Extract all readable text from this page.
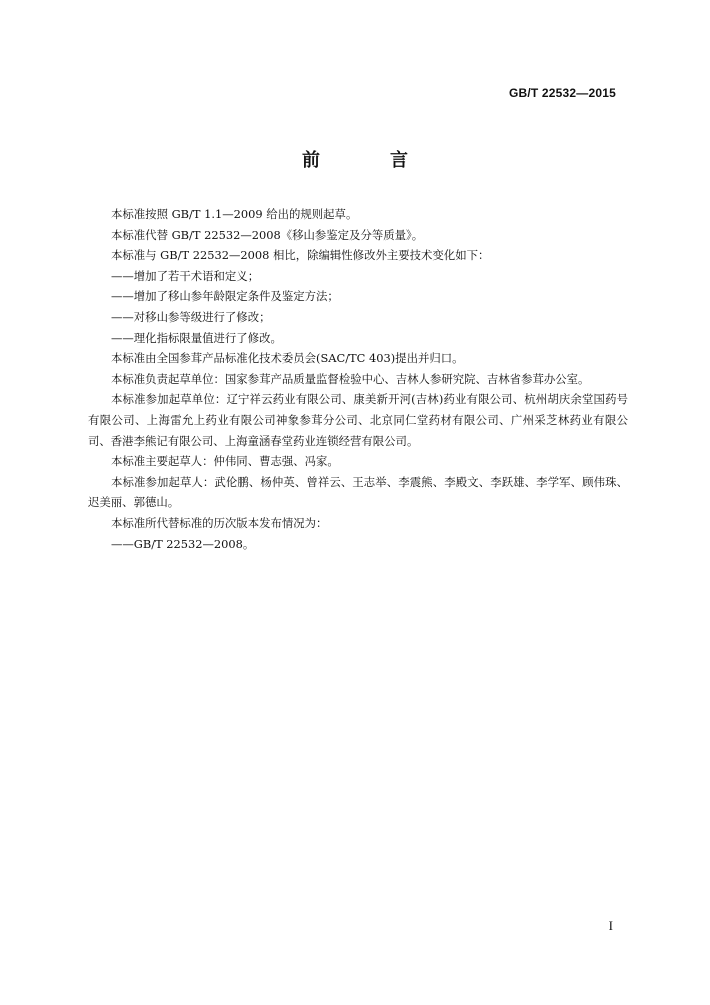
GB/T 22532—2015
前　言

本标准按照 GB/T 1.1—2009 给出的规则起草。

本标准代替 GB/T 22532—2008《移山参鉴定及分等质量》。

本标准与 GB/T 22532—2008 相比，除编辑性修改外主要技术变化如下：

——增加了若干术语和定义；

——增加了移山参年龄限定条件及鉴定方法；

——对移山参等级进行了修改；

——理化指标限量值进行了修改。

本标准由全国参茸产品标准化技术委员会(SAC/TC 403)提出并归口。

本标准负责起草单位：国家参茸产品质量监督检验中心、吉林人参研究院、吉林省参茸办公室。

本标准参加起草单位：辽宁祥云药业有限公司、康美新开河(吉林)药业有限公司、杭州胡庆余堂国药号有限公司、上海雷允上药业有限公司神象参茸分公司、北京同仁堂药材有限公司、广州采芝林药业有限公司、香港李熊记有限公司、上海童涵春堂药业连锁经营有限公司。

本标准主要起草人：仲伟同、曹志强、冯家。

本标准参加起草人：武伦鹏、杨仲英、曾祥云、王志举、李震熊、李殿文、李跃雄、李学军、顾伟珠、迟美丽、郭德山。

本标准所代替标准的历次版本发布情况为：

——GB/T 22532—2008。

I
